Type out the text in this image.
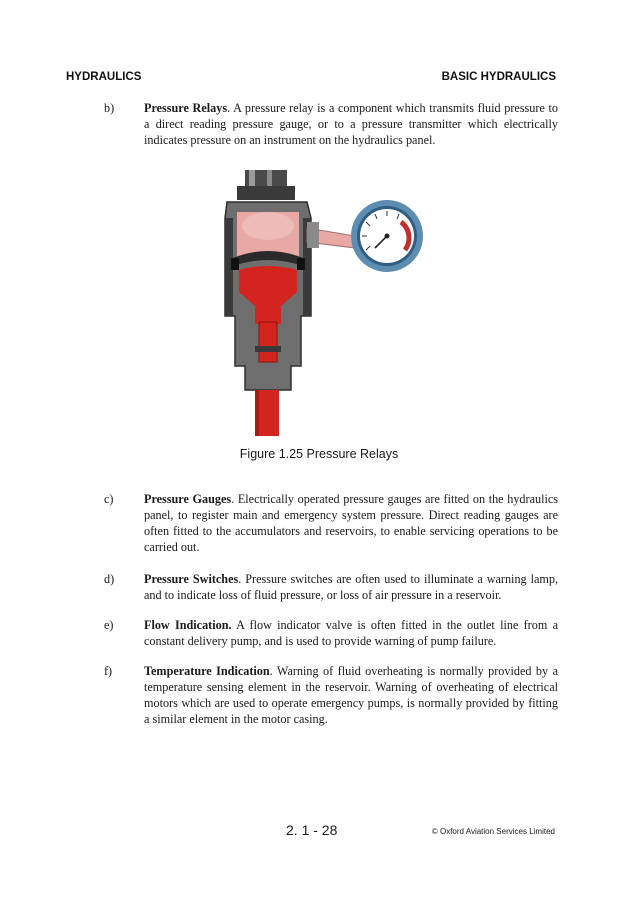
HYDRAULICS	BASIC HYDRAULICS
b) Pressure Relays. A pressure relay is a component which transmits fluid pressure to a direct reading pressure gauge, or to a pressure transmitter which electrically indicates pressure on an instrument on the hydraulics panel.
Figure 1.25 Pressure Relays
c)	Pressure Gauges. Electrically operated pressure gauges are fitted on the hydraulics panel, to register main and emergency system pressure. Direct reading gauges are often fitted to the accumulators and reservoirs, to enable servicing operations to be carried out.
d) Pressure Switches. Pressure switches are often used to illuminate a warning lamp, and to indicate loss of fluid pressure, or loss of air pressure in a reservoir.
e)	Flow Indication. A flow indicator valve is often fitted in the outlet line from a constant delivery pump, and is used to provide warning of pump failure.
f)	Temperature Indication. Warning of fluid overheating is normally provided by a temperature sensing element in the reservoir. Warning of overheating of electrical motors which are used to operate emergency pumps, is normally provided by fitting a similar element in the motor casing.
2. 1 - 28	© Oxford Aviation Services Limited
